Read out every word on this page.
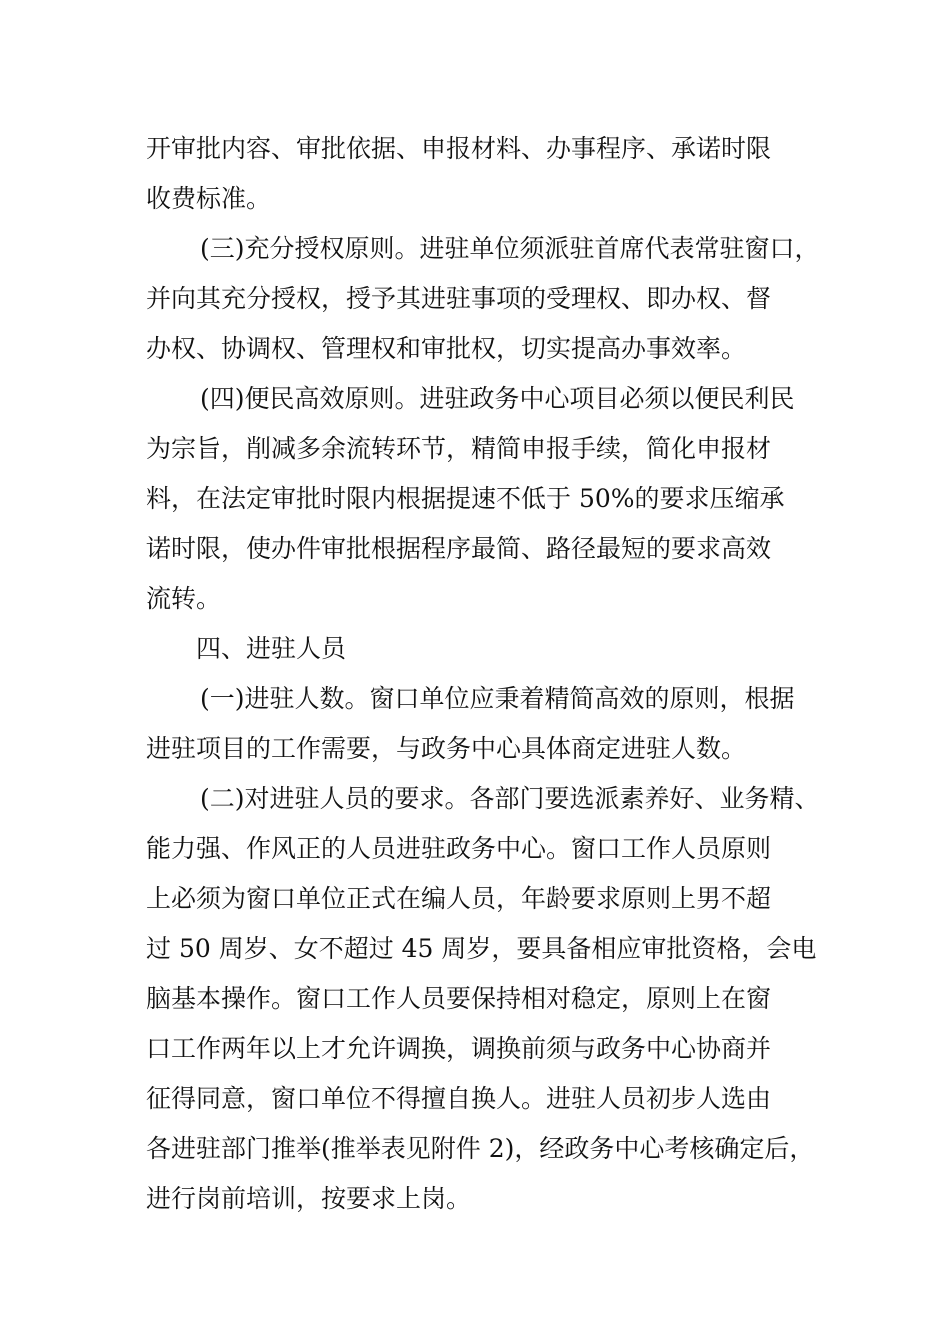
开审批内容、审批依据、申报材料、办事程序、承诺时限
收费标准。
(三)充分授权原则。进驻单位须派驻首席代表常驻窗口，
并向其充分授权，授予其进驻事项的受理权、即办权、督
办权、协调权、管理权和审批权，切实提高办事效率。
(四)便民高效原则。进驻政务中心项目必须以便民利民
为宗旨，削减多余流转环节，精简申报手续，简化申报材
料，在法定审批时限内根据提速不低于 50%的要求压缩承
诺时限，使办件审批根据程序最简、路径最短的要求高效
流转。
四、进驻人员
(一)进驻人数。窗口单位应秉着精简高效的原则，根据
进驻项目的工作需要，与政务中心具体商定进驻人数。
(二)对进驻人员的要求。各部门要选派素养好、业务精、
能力强、作风正的人员进驻政务中心。窗口工作人员原则
上必须为窗口单位正式在编人员，年龄要求原则上男不超
过 50 周岁、女不超过 45 周岁，要具备相应审批资格，会电
脑基本操作。窗口工作人员要保持相对稳定，原则上在窗
口工作两年以上才允许调换，调换前须与政务中心协商并
征得同意，窗口单位不得擅自换人。进驻人员初步人选由
各进驻部门推举(推举表见附件 2)，经政务中心考核确定后，
进行岗前培训，按要求上岗。
